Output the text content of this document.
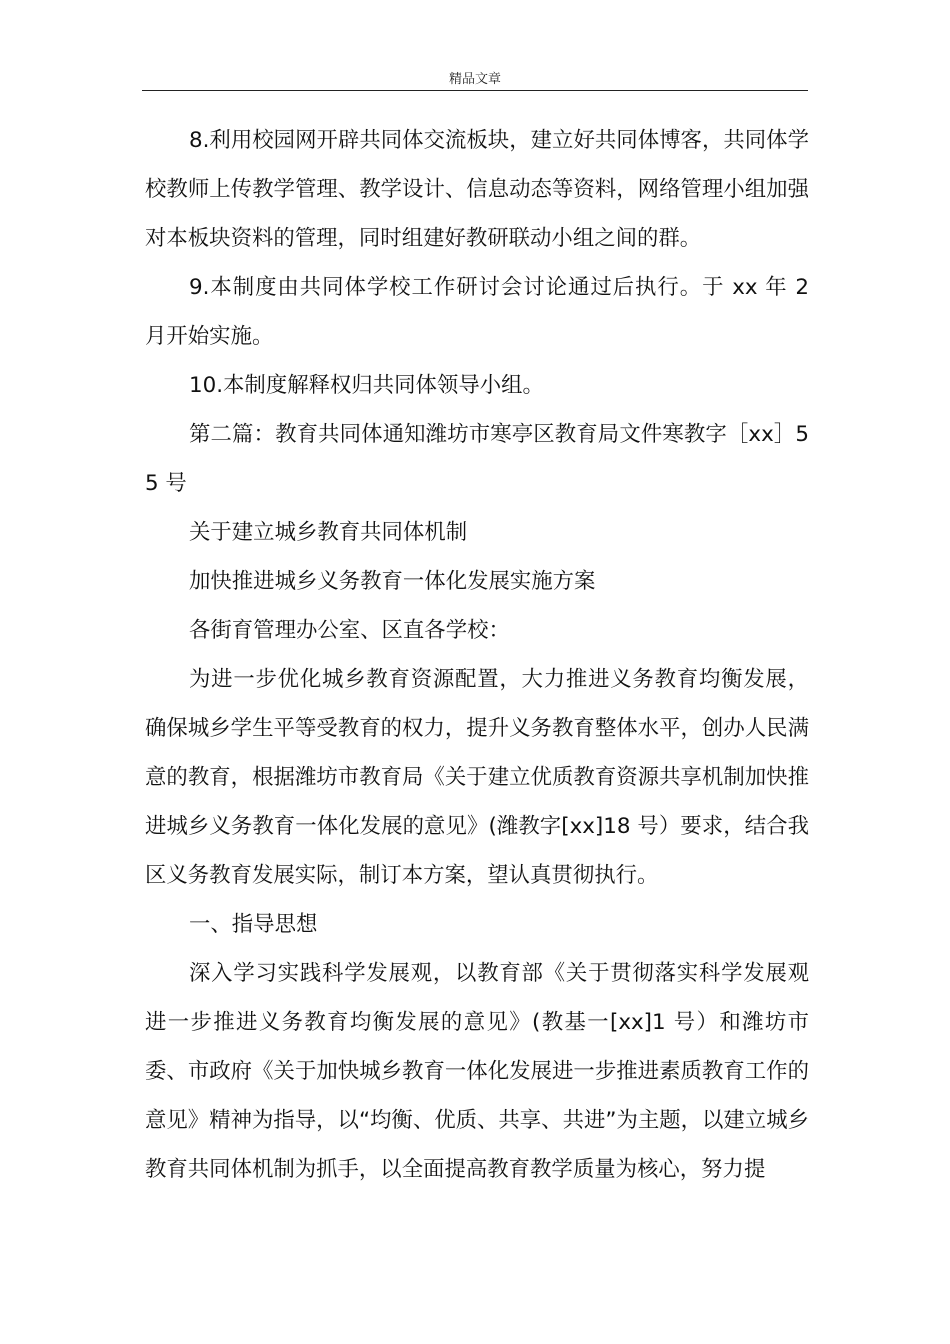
精品文章

8.利用校园网开辟共同体交流板块，建立好共同体博客，共同体学校教师上传教学管理、教学设计、信息动态等资料，网络管理小组加强对本板块资料的管理，同时组建好教研联动小组之间的群。

9.本制度由共同体学校工作研讨会讨论通过后执行。于 xx 年 2 月开始实施。

10.本制度解释权归共同体领导小组。

第二篇：教育共同体通知潍坊市寒亭区教育局文件寒教字［xx］55 号

关于建立城乡教育共同体机制

加快推进城乡义务教育一体化发展实施方案

各街育管理办公室、区直各学校：

为进一步优化城乡教育资源配置，大力推进义务教育均衡发展，确保城乡学生平等受教育的权力，提升义务教育整体水平，创办人民满意的教育，根据潍坊市教育局《关于建立优质教育资源共享机制加快推进城乡义务教育一体化发展的意见》(潍教字[xx]18 号）要求，结合我区义务教育发展实际，制订本方案，望认真贯彻执行。

一、指导思想

深入学习实践科学发展观，以教育部《关于贯彻落实科学发展观进一步推进义务教育均衡发展的意见》(教基一[xx]1 号）和潍坊市委、市政府《关于加快城乡教育一体化发展进一步推进素质教育工作的意见》精神为指导，以“均衡、优质、共享、共进”为主题，以建立城乡教育共同体机制为抓手，以全面提高教育教学质量为核心，努力提
